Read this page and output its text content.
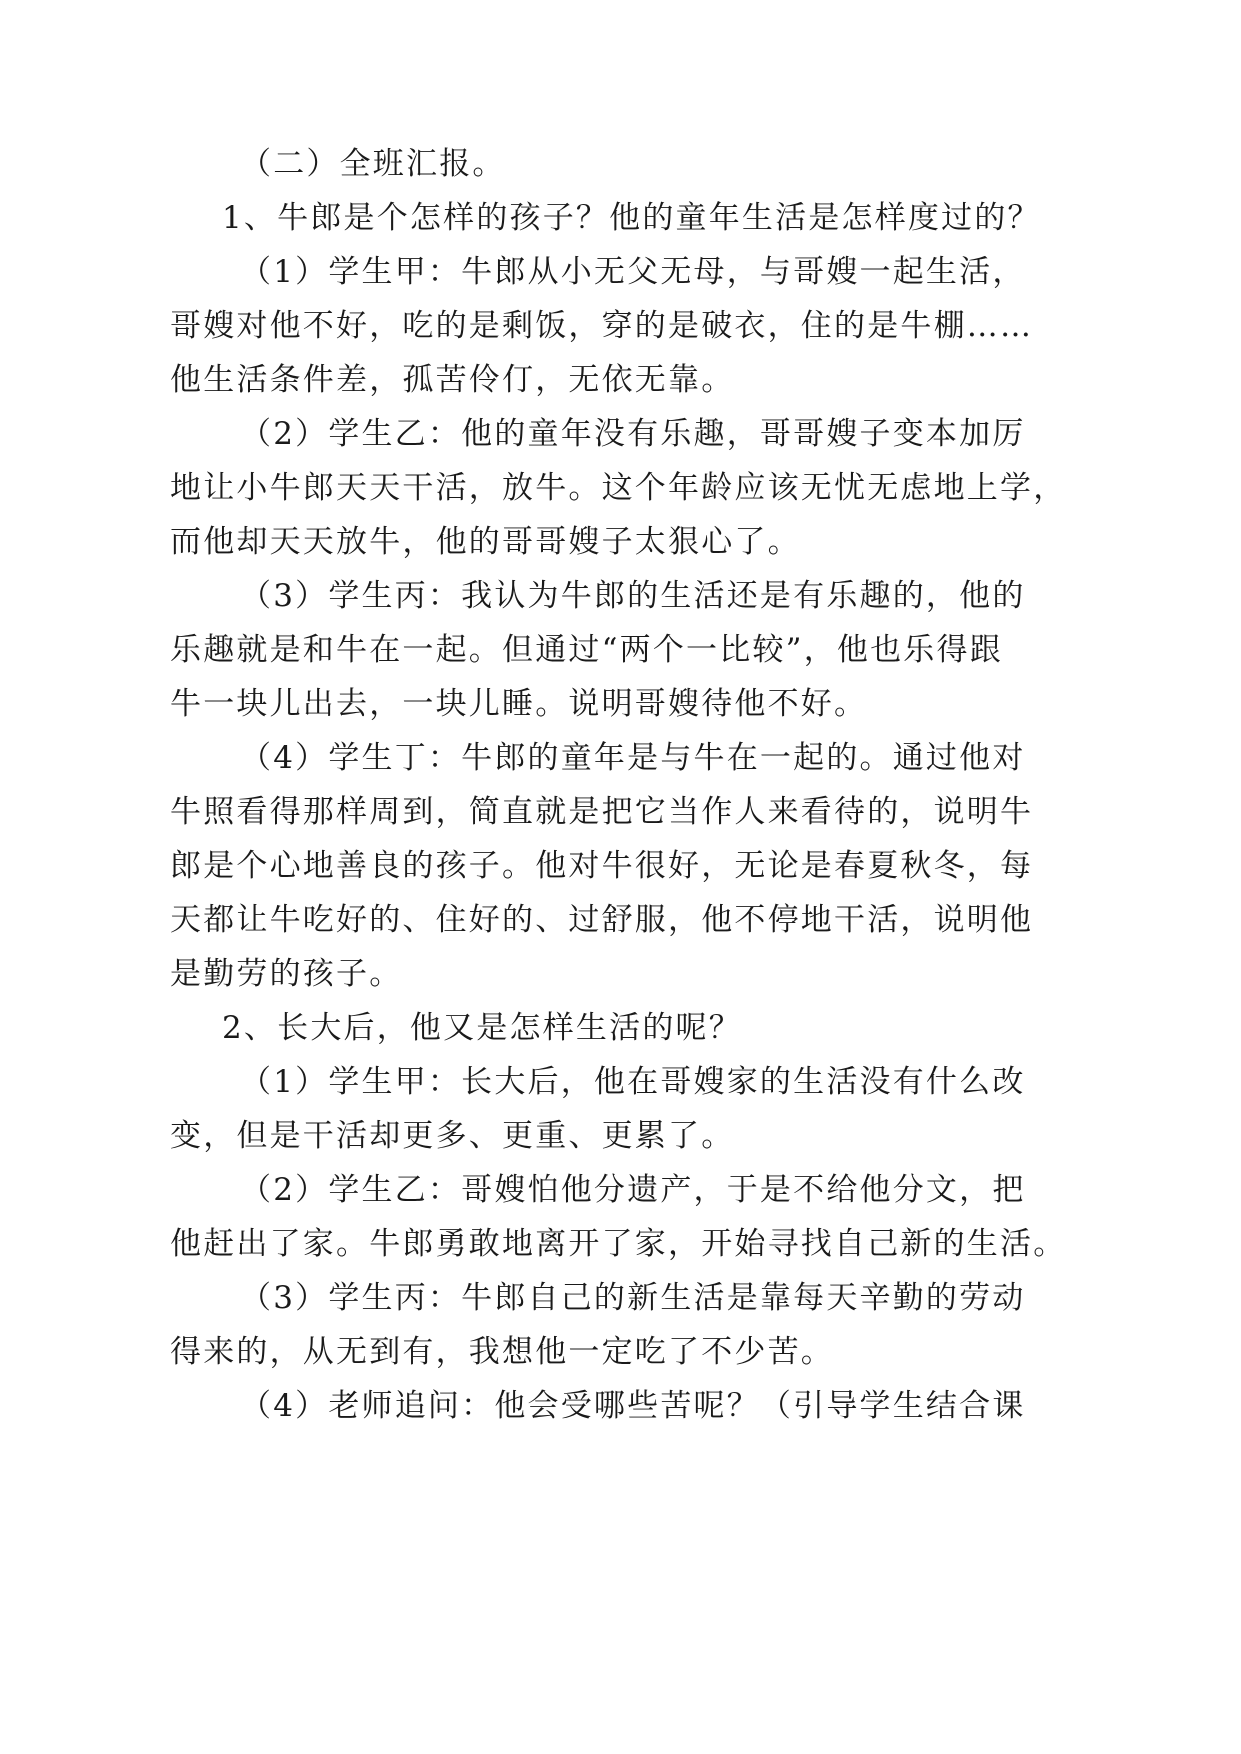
（二）全班汇报。
1、牛郎是个怎样的孩子？他的童年生活是怎样度过的？
（1）学生甲：牛郎从小无父无母，与哥嫂一起生活，
哥嫂对他不好，吃的是剩饭，穿的是破衣，住的是牛棚……
他生活条件差，孤苦伶仃，无依无靠。
（2）学生乙：他的童年没有乐趣，哥哥嫂子变本加厉
地让小牛郎天天干活，放牛。这个年龄应该无忧无虑地上学，
而他却天天放牛，他的哥哥嫂子太狠心了。
（3）学生丙：我认为牛郎的生活还是有乐趣的，他的
乐趣就是和牛在一起。但通过“两个一比较”，他也乐得跟
牛一块儿出去，一块儿睡。说明哥嫂待他不好。
（4）学生丁：牛郎的童年是与牛在一起的。通过他对
牛照看得那样周到，简直就是把它当作人来看待的，说明牛
郎是个心地善良的孩子。他对牛很好，无论是春夏秋冬，每
天都让牛吃好的、住好的、过舒服，他不停地干活，说明他
是勤劳的孩子。
2、长大后，他又是怎样生活的呢？
（1）学生甲：长大后，他在哥嫂家的生活没有什么改
变，但是干活却更多、更重、更累了。
（2）学生乙：哥嫂怕他分遗产，于是不给他分文，把
他赶出了家。牛郎勇敢地离开了家，开始寻找自己新的生活。
（3）学生丙：牛郎自己的新生活是靠每天辛勤的劳动
得来的，从无到有，我想他一定吃了不少苦。
（4）老师追问：他会受哪些苦呢？（引导学生结合课
